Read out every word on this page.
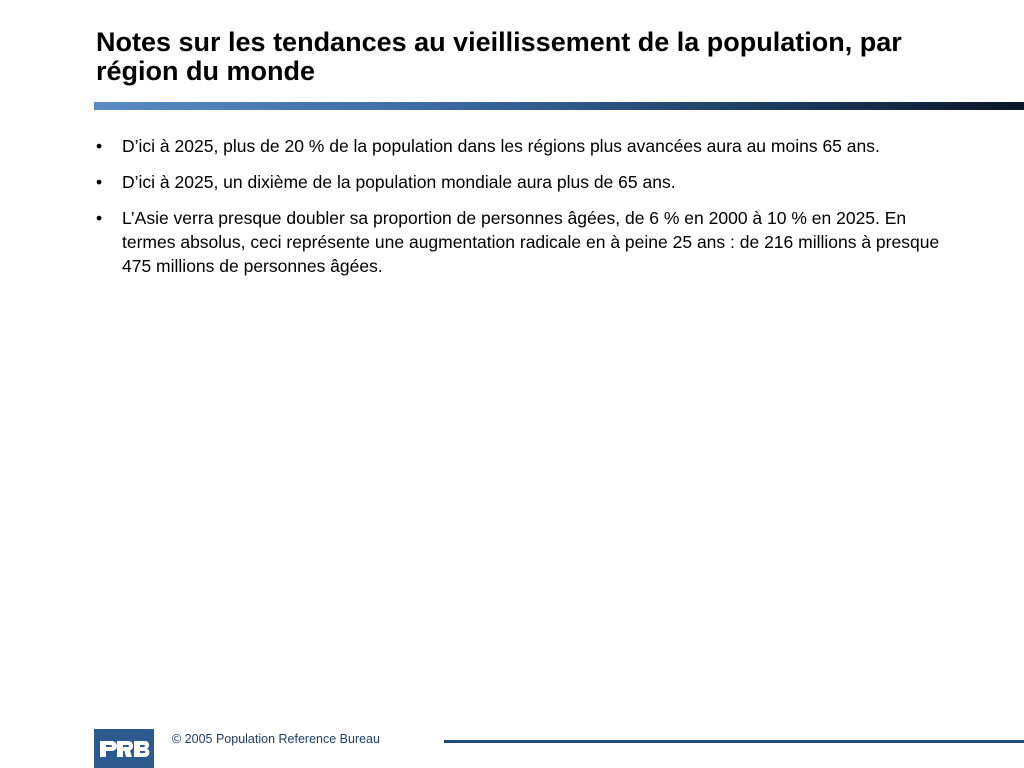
Notes sur les tendances au vieillissement de la population, par région du monde
•	D’ici à 2025, plus de 20 % de la population dans les régions plus avancées aura au moins 65 ans.
•	D’ici à 2025, un dixième de la population mondiale aura plus de 65 ans.
•	L’Asie verra presque doubler sa proportion de personnes âgées, de 6 % en 2000 à 10 % en 2025. En termes absolus, ceci représente une augmentation radicale en à peine 25 ans : de 216 millions à presque 475 millions de personnes âgées.
© 2005 Population Reference Bureau
